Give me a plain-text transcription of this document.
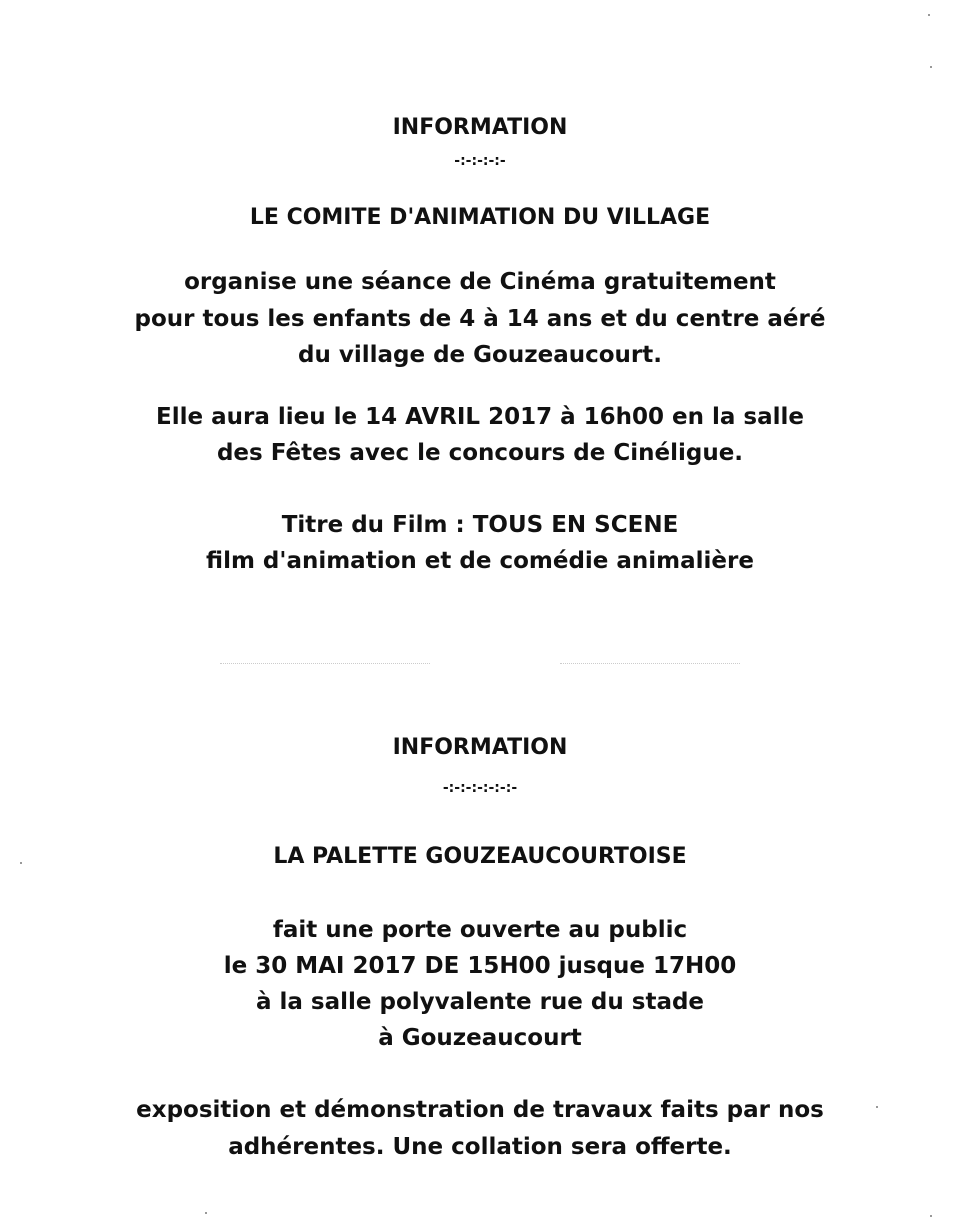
INFORMATION
-:-:-:-:-
LE COMITE D'ANIMATION DU VILLAGE
organise une séance de Cinéma gratuitement
pour tous les enfants de 4 à 14 ans et du centre aéré
du village de Gouzeaucourt.
Elle aura lieu le 14 AVRIL 2017 à 16h00 en la salle
des Fêtes avec le concours de Cinéligue.
Titre du Film : TOUS EN SCENE
film d'animation et de comédie animalière
INFORMATION
-:-:-:-:-:-:-
LA PALETTE GOUZEAUCOURTOISE
fait une porte ouverte au public
le 30 MAI 2017 DE 15H00 jusque 17H00
à la salle polyvalente rue du stade
à Gouzeaucourt
exposition et démonstration de travaux faits par nos
adhérentes. Une collation sera offerte.
